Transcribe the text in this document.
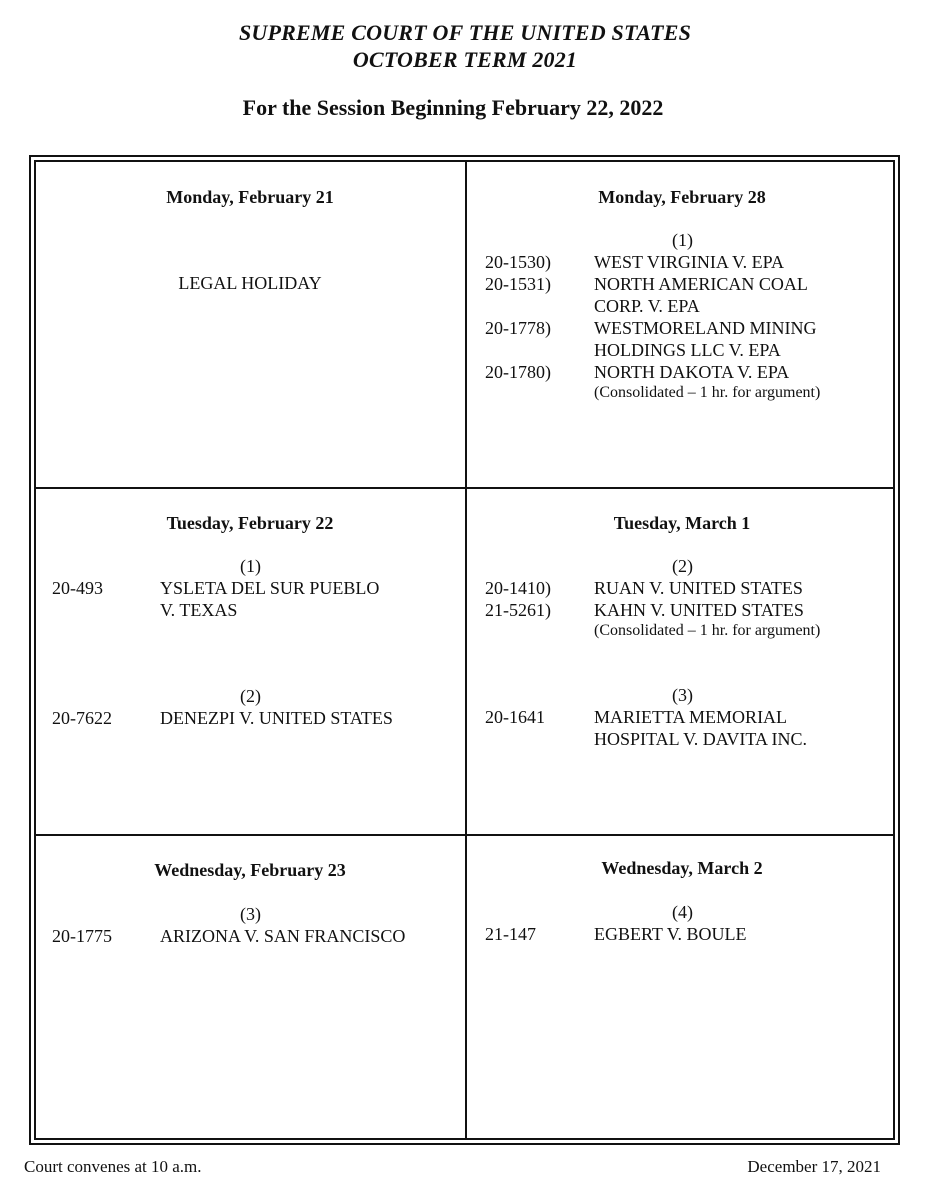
SUPREME COURT OF THE UNITED STATES
OCTOBER TERM 2021
For the Session Beginning February 22, 2022
Monday, February 21
LEGAL HOLIDAY
Monday, February 28
(1)
20-1530) WEST VIRGINIA V. EPA
20-1531) NORTH AMERICAN COAL
CORP. V. EPA
20-1778) WESTMORELAND MINING
HOLDINGS LLC V. EPA
20-1780) NORTH DAKOTA V. EPA
(Consolidated – 1 hr. for argument)
Tuesday, February 22
(1)
20-493	YSLETA DEL SUR PUEBLO
V. TEXAS
(2)
20-7622	DENEZPI V. UNITED STATES
Tuesday, March 1
(2)
20-1410) RUAN V. UNITED STATES
21-5261) KAHN V. UNITED STATES
(Consolidated – 1 hr. for argument)
(3)
20-1641	MARIETTA MEMORIAL
HOSPITAL V. DAVITA INC.
Wednesday, February 23
(3)
20-1775	ARIZONA V. SAN FRANCISCO
Wednesday, March 2
(4)
21-147	EGBERT V. BOULE
Court convenes at 10 a.m.	December 17, 2021
